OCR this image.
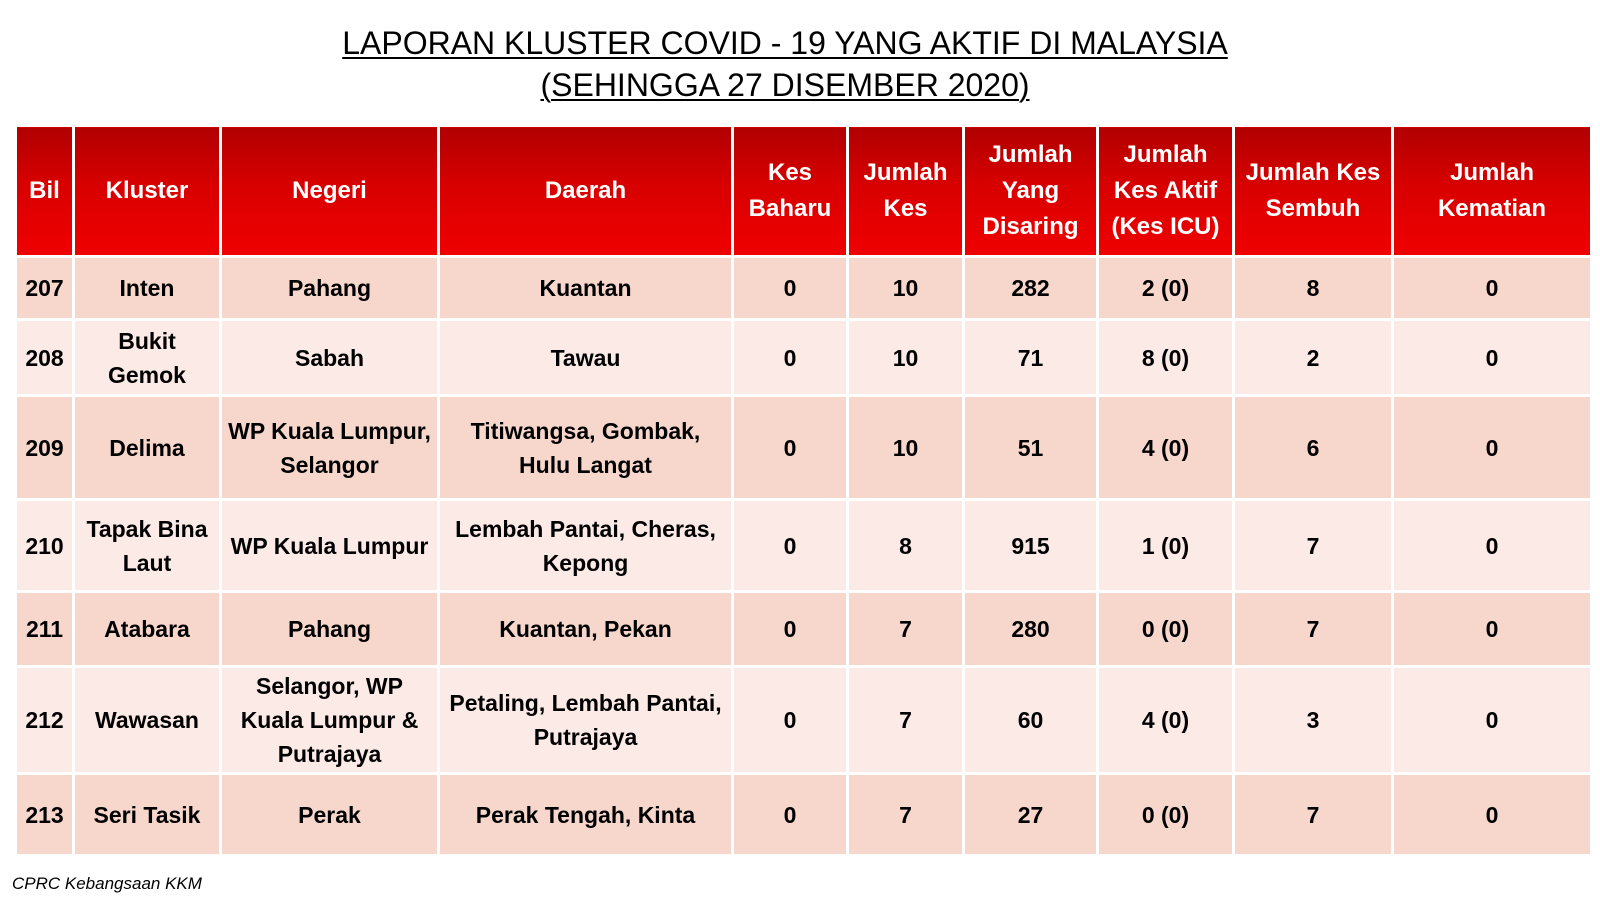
LAPORAN KLUSTER COVID - 19 YANG AKTIF DI MALAYSIA
(SEHINGGA 27 DISEMBER 2020)
Bil	Kluster	Negeri	Daerah	Kes Baharu	Jumlah Kes	Jumlah Yang Disaring	Jumlah Kes Aktif (Kes ICU)	Jumlah Kes Sembuh	Jumlah Kematian
207	Inten	Pahang	Kuantan	0	10	282	2 (0)	8	0
208	Bukit Gemok	Sabah	Tawau	0	10	71	8 (0)	2	0
209	Delima	WP Kuala Lumpur, Selangor	Titiwangsa, Gombak, Hulu Langat	0	10	51	4 (0)	6	0
210	Tapak Bina Laut	WP Kuala Lumpur	Lembah Pantai, Cheras, Kepong	0	8	915	1 (0)	7	0
211	Atabara	Pahang	Kuantan, Pekan	0	7	280	0 (0)	7	0
212	Wawasan	Selangor, WP Kuala Lumpur & Putrajaya	Petaling, Lembah Pantai, Putrajaya	0	7	60	4 (0)	3	0
213	Seri Tasik	Perak	Perak Tengah, Kinta	0	7	27	0 (0)	7	0
CPRC Kebangsaan KKM
